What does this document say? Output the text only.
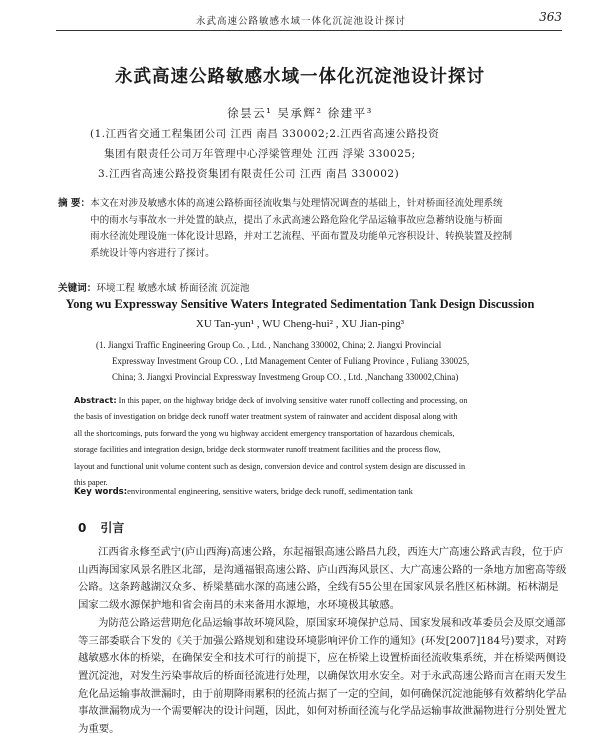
永武高速公路敏感水域一体化沉淀池设计探讨	363
永武高速公路敏感水域一体化沉淀池设计探讨
徐昙云¹ 吴承辉² 徐建平³
(1.江西省交通工程集团公司 江西 南昌 330002;2.江西省高速公路投资
集团有限责任公司万年管理中心浮梁管理处 江西 浮梁 330025;
3.江西省高速公路投资集团有限责任公司 江西 南昌 330002)
摘 要：本文在对涉及敏感水体的高速公路桥面径流收集与处理情况调查的基础上，针对桥面径流处理系统
中的雨水与事故水一并处置的缺点，提出了永武高速公路危险化学品运输事故应急蓄纳设施与桥面
雨水径流处理设施一体化设计思路，并对工艺流程、平面布置及功能单元容积设计、转换装置及控制
系统设计等内容进行了探讨。
关键词：环境工程 敏感水域 桥面径流 沉淀池
Yong wu Expressway Sensitive Waters Integrated Sedimentation Tank Design Discussion
XU Tan-yun¹ , WU Cheng-hui² , XU Jian-ping³
(1. Jiangxi Traffic Engineering Group Co. , Ltd. , Nanchang 330002, China; 2. Jiangxi Provincial
Expressway Investment Group CO. , Ltd Management Center of Fuliang Province , Fuliang 330025,
China; 3. Jiangxi Provincial Expressway Investmeng Group CO. , Ltd. ,Nanchang 330002,China)
Abstract: In this paper, on the highway bridge deck of involving sensitive water runoff collecting and processing, on
the basis of investigation on bridge deck runoff water treatment system of rainwater and accident disposal along with
all the shortcomings, puts forward the yong wu highway accident emergency transportation of hazardous chemicals,
storage facilities and integration design, bridge deck stormwater runoff treatment facilities and the process flow,
layout and functional unit volume content such as design, conversion device and control system design are discussed in
this paper.
Key words:environmental engineering, sensitive waters, bridge deck runoff, sedimentation tank
0 引言
江西省永修至武宁(庐山西海)高速公路，东起福银高速公路昌九段，西连大广高速公路武吉段，位于庐
山西海国家风景名胜区北部，是沟通福银高速公路、庐山西海风景区、大广高速公路的一条地方加密高等级
公路。这条跨越湖汉众多、桥梁墓础水深的高速公路，全线有55公里在国家风景名胜区柘林湖。柘林湖是
国家二级水源保护地和省会南昌的未来备用水源地，水环境极其敏感。
为防范公路运营期危化品运输事故环境风险，原国家环境保护总局、国家发展和改革委员会及原交通部
等三部委联合下发的《关于加强公路规划和建设环境影响评价工作的通知》(环发[2007]184号)要求，对跨
越敏感水体的桥梁，在确保安全和技术可行的前提下，应在桥梁上设置桥面径流收集系统，并在桥梁两侧设
置沉淀池，对发生污染事故后的桥面径流进行处理，以确保饮用水安全。对于永武高速公路而言在雨天发生
危化品运输事故泄漏时，由于前期降雨累积的径流占据了一定的空间，如何确保沉淀池能够有效蓄纳化学品
事故泄漏物成为一个需要解决的设计问题，因此，如何对桥面径流与化学品运输事故泄漏物进行分别处置尤
为重要。
